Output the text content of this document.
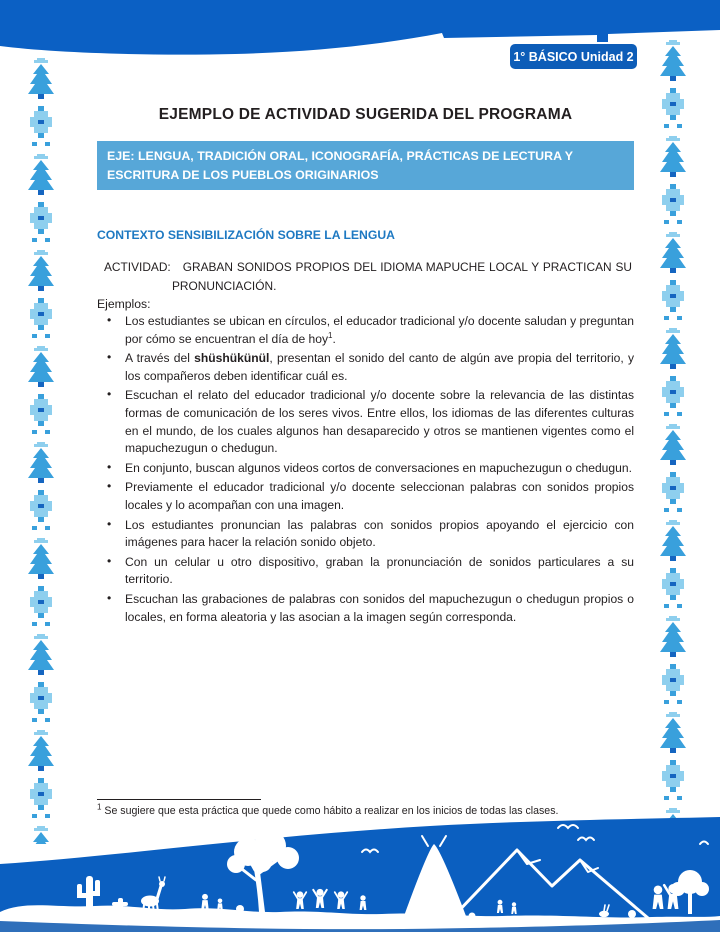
1° BÁSICO Unidad 2
EJEMPLO DE ACTIVIDAD SUGERIDA DEL PROGRAMA
EJE: LENGUA, TRADICIÓN ORAL, ICONOGRAFÍA, PRÁCTICAS DE LECTURA Y ESCRITURA DE LOS PUEBLOS ORIGINARIOS
CONTEXTO SENSIBILIZACIÓN SOBRE LA LENGUA
ACTIVIDAD: GRABAN SONIDOS PROPIOS DEL IDIOMA MAPUCHE LOCAL Y PRACTICAN SU PRONUNCIACIÓN.
Ejemplos:
• Los estudiantes se ubican en círculos, el educador tradicional y/o docente saludan y preguntan por cómo se encuentran el día de hoy$^1$.
• A través del shüshükünül, presentan el sonido del canto de algún ave propia del territorio, y los compañeros deben identificar cuál es.
• Escuchan el relato del educador tradicional y/o docente sobre la relevancia de las distintas formas de comunicación de los seres vivos. Entre ellos, los idiomas de las diferentes culturas en el mundo, de los cuales algunos han desaparecido y otros se mantienen vigentes como el mapuchezugun o chedugun.
• En conjunto, buscan algunos videos cortos de conversaciones en mapuchezugun o chedugun.
• Previamente el educador tradicional y/o docente seleccionan palabras con sonidos propios locales y lo acompañan con una imagen.
• Los estudiantes pronuncian las palabras con sonidos propios apoyando el ejercicio con imágenes para hacer la relación sonido objeto.
• Con un celular u otro dispositivo, graban la pronunciación de sonidos particulares a su territorio.
• Escuchan las grabaciones de palabras con sonidos del mapuchezugun o chedugun propios o locales, en forma aleatoria y las asocian a la imagen según corresponda.
$^1$ Se sugiere que esta práctica que quede como hábito a realizar en los inicios de todas las clases.
